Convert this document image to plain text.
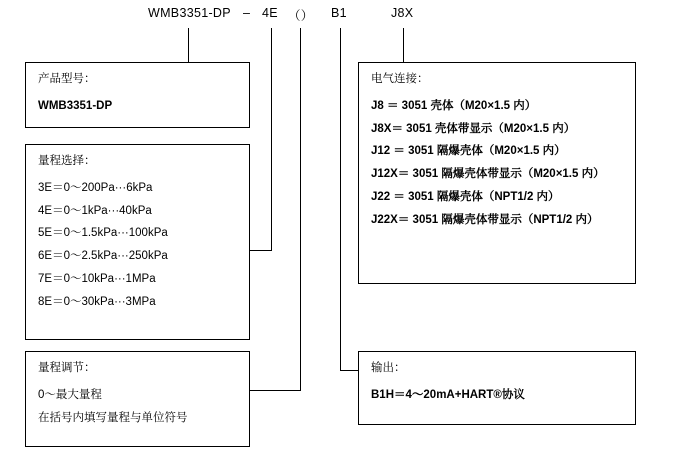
WMB3351-DP – 4E （） B1	J8X
产品型号：
WMB3351-DP
量程选择：
3E＝0～200Pa···6kPa
4E＝0～1kPa···40kPa
5E＝0～1.5kPa···100kPa
6E＝0～2.5kPa···250kPa
7E＝0～10kPa···1MPa
8E＝0～30kPa···3MPa
量程调节：
0～最大量程
在括号内填写量程与单位符号
电气连接：
J8 ＝ 3051 壳体（M20×1.5 内）
J8X＝ 3051 壳体带显示（M20×1.5 内）
J12 ＝ 3051 隔爆壳体（M20×1.5 内）
J12X＝ 3051 隔爆壳体带显示（M20×1.5 内）
J22 ＝ 3051 隔爆壳体（NPT1/2 内）
J22X＝ 3051 隔爆壳体带显示（NPT1/2 内）
输出：
B1H＝4～20mA+HART®协议
